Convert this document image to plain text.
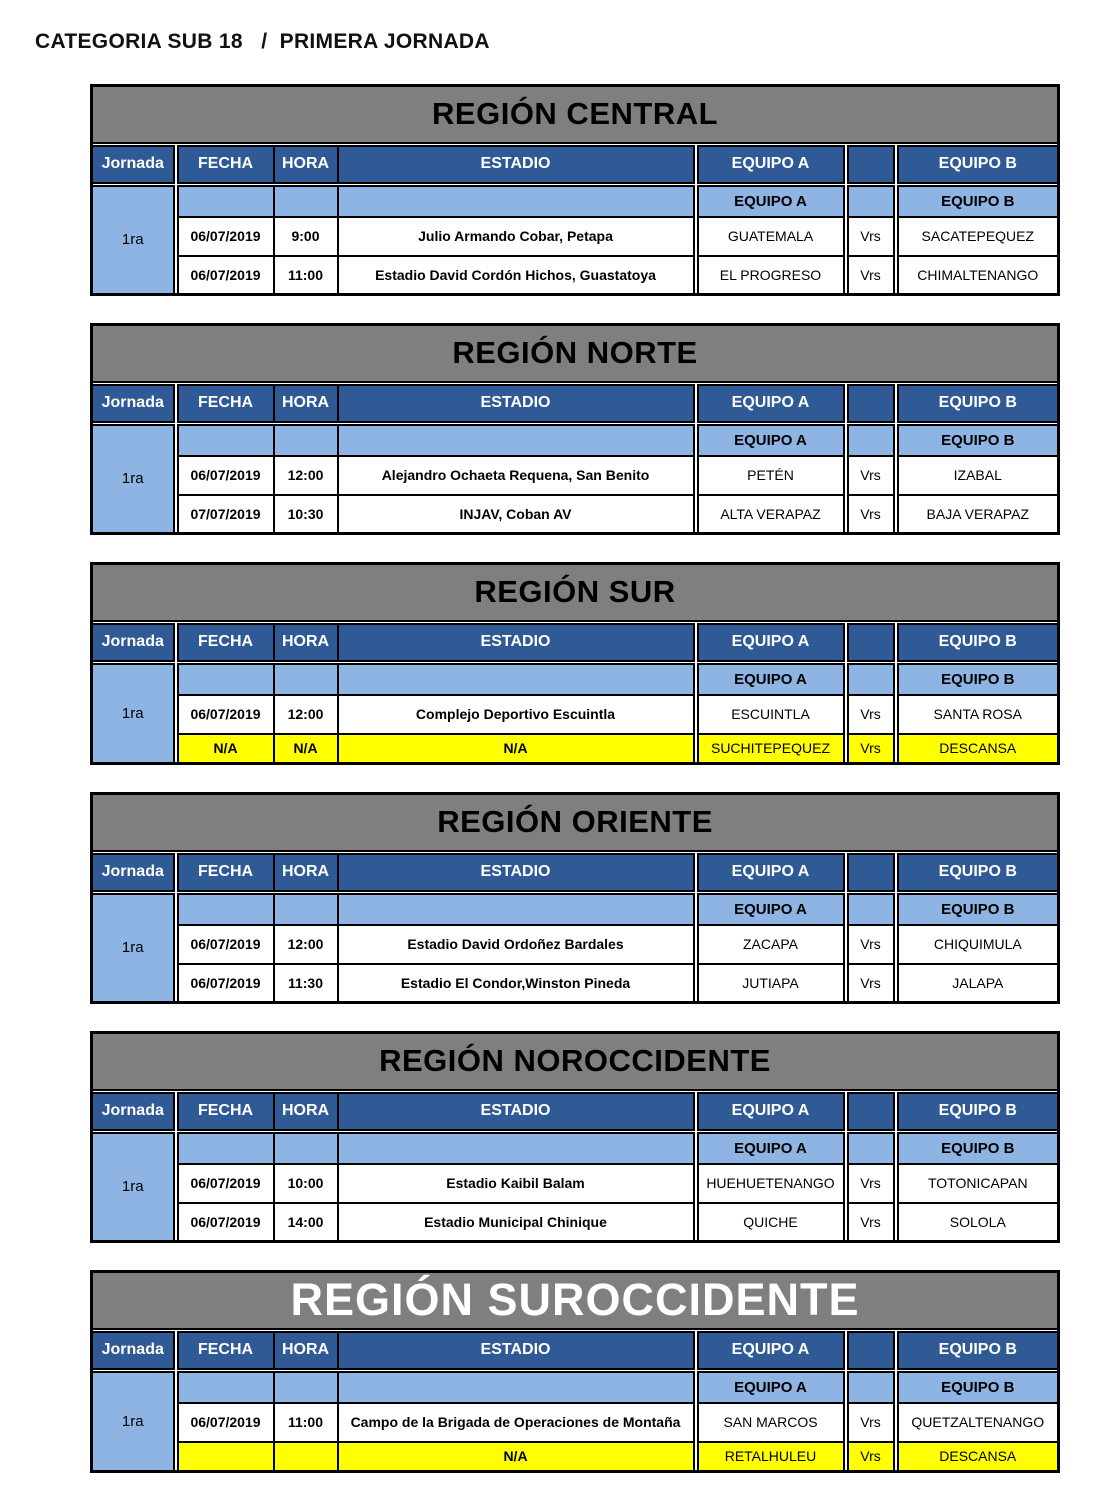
CATEGORIA SUB 18   /  PRIMERA JORNADA
REGIÓN CENTRAL										

Jornada		FECHA	HORA	ESTADIO		EQUIPO A				EQUIPO B

1ra						EQUIPO A				EQUIPO B
		06/07/2019	9:00	Julio Armando Cobar, Petapa		GUATEMALA		Vrs		SACATEPEQUEZ
		06/07/2019	11:00	Estadio David Cordón Hichos, Guastatoya		EL PROGRESO		Vrs		CHIMALTENANGO
REGIÓN NORTE										

Jornada		FECHA	HORA	ESTADIO		EQUIPO A				EQUIPO B

1ra						EQUIPO A				EQUIPO B
		06/07/2019	12:00	Alejandro Ochaeta Requena, San Benito		PETÉN		Vrs		IZABAL
		07/07/2019	10:30	INJAV, Coban AV		ALTA VERAPAZ		Vrs		BAJA VERAPAZ
REGIÓN SUR										

Jornada		FECHA	HORA	ESTADIO		EQUIPO A				EQUIPO B

1ra						EQUIPO A				EQUIPO B
		06/07/2019	12:00	Complejo Deportivo Escuintla		ESCUINTLA		Vrs		SANTA ROSA
		N/A	N/A	N/A		SUCHITEPEQUEZ		Vrs		DESCANSA
REGIÓN ORIENTE										

Jornada		FECHA	HORA	ESTADIO		EQUIPO A				EQUIPO B

1ra						EQUIPO A				EQUIPO B
		06/07/2019	12:00	Estadio David Ordoñez Bardales		ZACAPA		Vrs		CHIQUIMULA
		06/07/2019	11:30	Estadio El Condor,Winston Pineda		JUTIAPA		Vrs		JALAPA
REGIÓN NOROCCIDENTE										

Jornada		FECHA	HORA	ESTADIO		EQUIPO A				EQUIPO B

1ra						EQUIPO A				EQUIPO B
		06/07/2019	10:00	Estadio Kaibil Balam		HUEHUETENANGO		Vrs		TOTONICAPAN
		06/07/2019	14:00	Estadio Municipal Chinique		QUICHE		Vrs		SOLOLA
REGIÓN SUROCCIDENTE										

Jornada		FECHA	HORA	ESTADIO		EQUIPO A				EQUIPO B

1ra						EQUIPO A				EQUIPO B
		06/07/2019	11:00	Campo de la Brigada de Operaciones de Montaña		SAN MARCOS		Vrs		QUETZALTENANGO
				N/A		RETALHULEU		Vrs		DESCANSA
